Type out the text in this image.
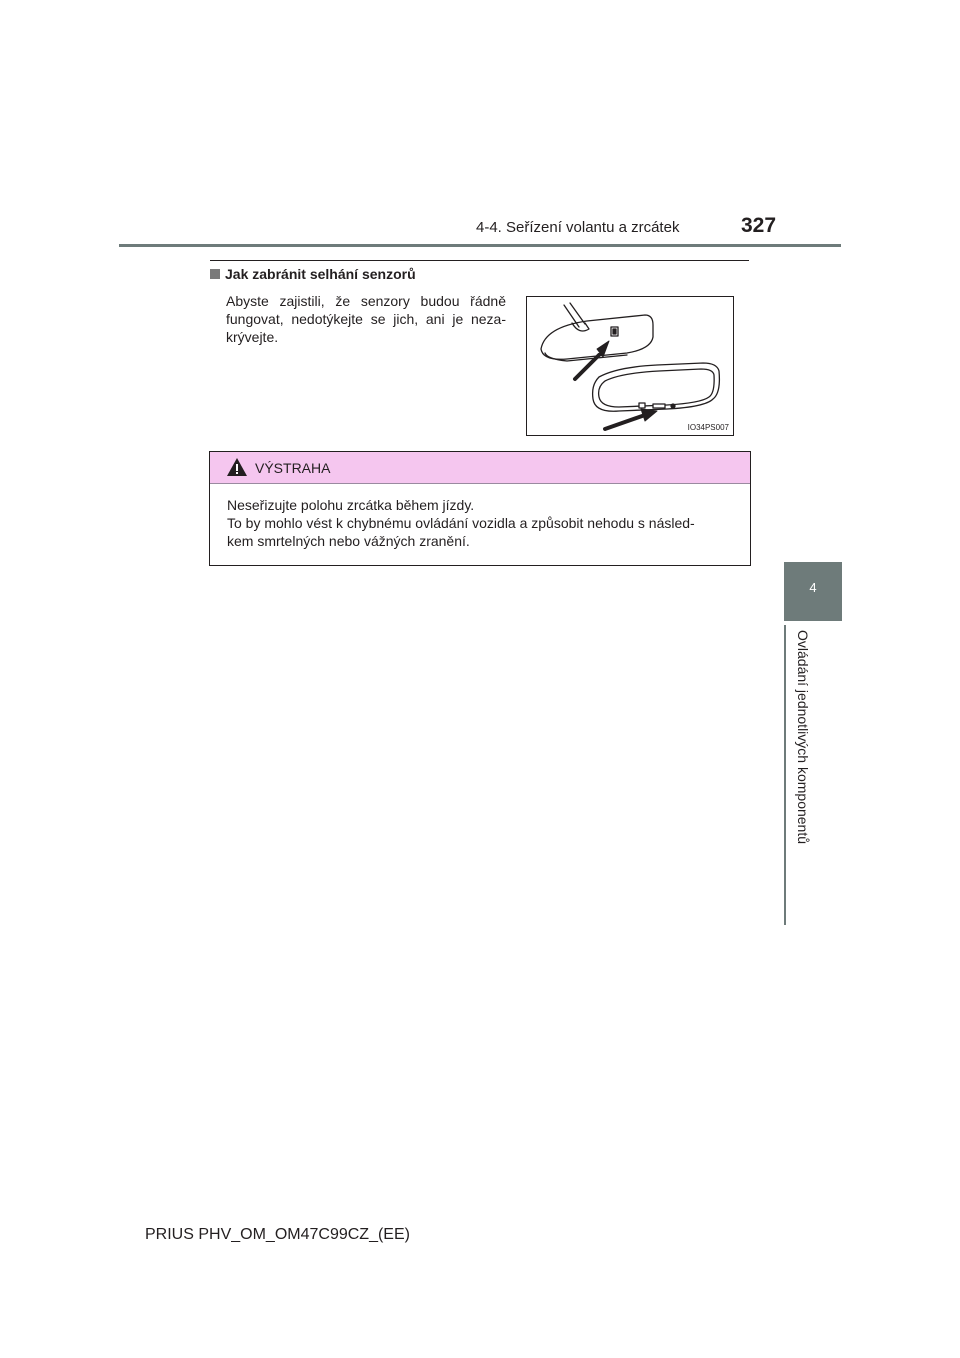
4-4. Seřízení volantu a zrcátek	327
4
Ovládání jednotlivých komponentů
Jak zabránit selhání senzorů
Abyste zajistili, že senzory budou řádně fungovat, nedotýkejte se jich, ani je neza-krývejte.
IO34PS007
VÝSTRAHA
Neseřizujte polohu zrcátka během jízdy.
To by mohlo vést k chybnému ovládání vozidla a způsobit nehodu s násled-
kem smrtelných nebo vážných zranění.
PRIUS PHV_OM_OM47C99CZ_(EE)
